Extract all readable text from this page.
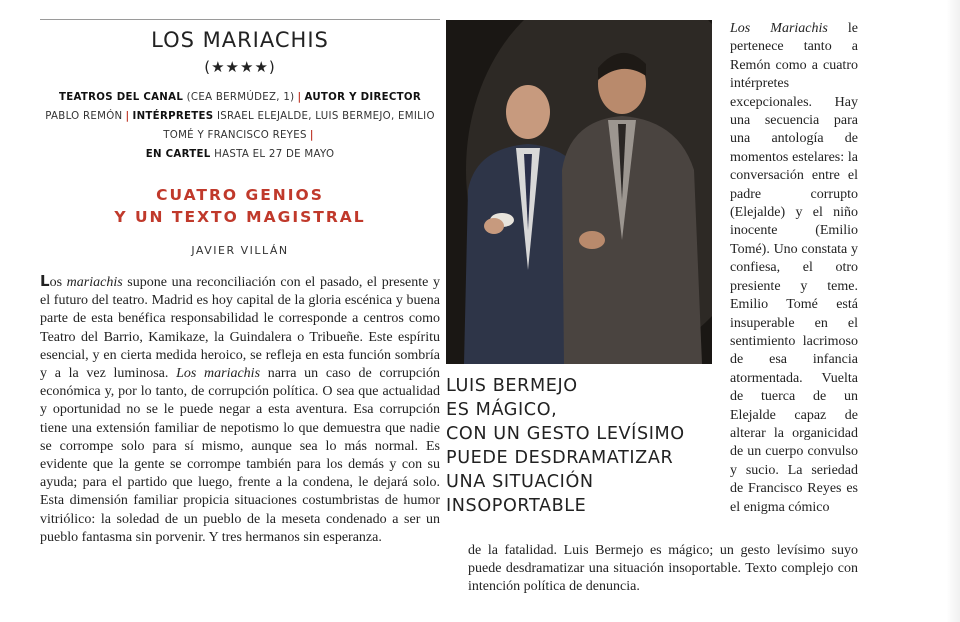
LOS MARIACHIS
(★★★★)
TEATROS DEL CANAL (CEA BERMÚDEZ, 1) | AUTOR Y DIRECTOR
PABLO REMÓN | INTÉRPRETES ISRAEL ELEJALDE, LUIS BERMEJO, EMILIO TOMÉ Y FRANCISCO REYES |
EN CARTEL HASTA EL 27 DE MAYO
CUATRO GENIOS
Y UN TEXTO MAGISTRAL
JAVIER VILLÁN
Los mariachis supone una reconciliación con el pasado, el presente y el futuro del teatro. Madrid es hoy capital de la gloria escénica y buena parte de esta benéfica responsabilidad le corresponde a centros como Teatro del Barrio, Kamikaze, la Guindalera o Tribueñe. Este espíritu esencial, y en cierta medida heroico, se refleja en esta función sombría y a la vez luminosa. Los mariachis narra un caso de corrupción económica y, por lo tanto, de corrupción política. O sea que actualidad y oportunidad no se le puede negar a esta aventura. Esa corrupción tiene una extensión familiar de nepotismo lo que demuestra que nadie se corrompe solo para sí mismo, aunque sea lo más normal. Es evidente que la gente se corrompe también para los demás y con su ayuda; para el partido que luego, frente a la condena, le dejará solo. Esta dimensión familiar propicia situaciones costumbristas de humor vitriólico: la soledad de un pueblo de la meseta condenado a ser un pueblo fantasma sin porvenir. Y tres hermanos sin esperanza.
LUIS BERMEJO
ES MÁGICO,
CON UN GESTO LEVÍSIMO
PUEDE DESDRAMATIZAR
UNA SITUACIÓN
INSOPORTABLE
Los Mariachis le pertenece tanto a Remón como a cuatro intérpretes excepcionales. Hay una secuencia para una antología de momentos estelares: la conversación entre el padre corrupto (Elejalde) y el niño inocente (Emilio Tomé). Uno constata y confiesa, el otro presiente y teme. Emilio Tomé está insuperable en el sentimiento lacrimoso de esa infancia atormentada. Vuelta de tuerca de un Elejalde capaz de alterar la organicidad de un cuerpo convulso y sucio. La seriedad de Francisco Reyes es el enigma cómico
de la fatalidad. Luis Bermejo es mágico; un gesto levísimo suyo puede desdramatizar una situación insoportable. Texto complejo con intención política de denuncia.
